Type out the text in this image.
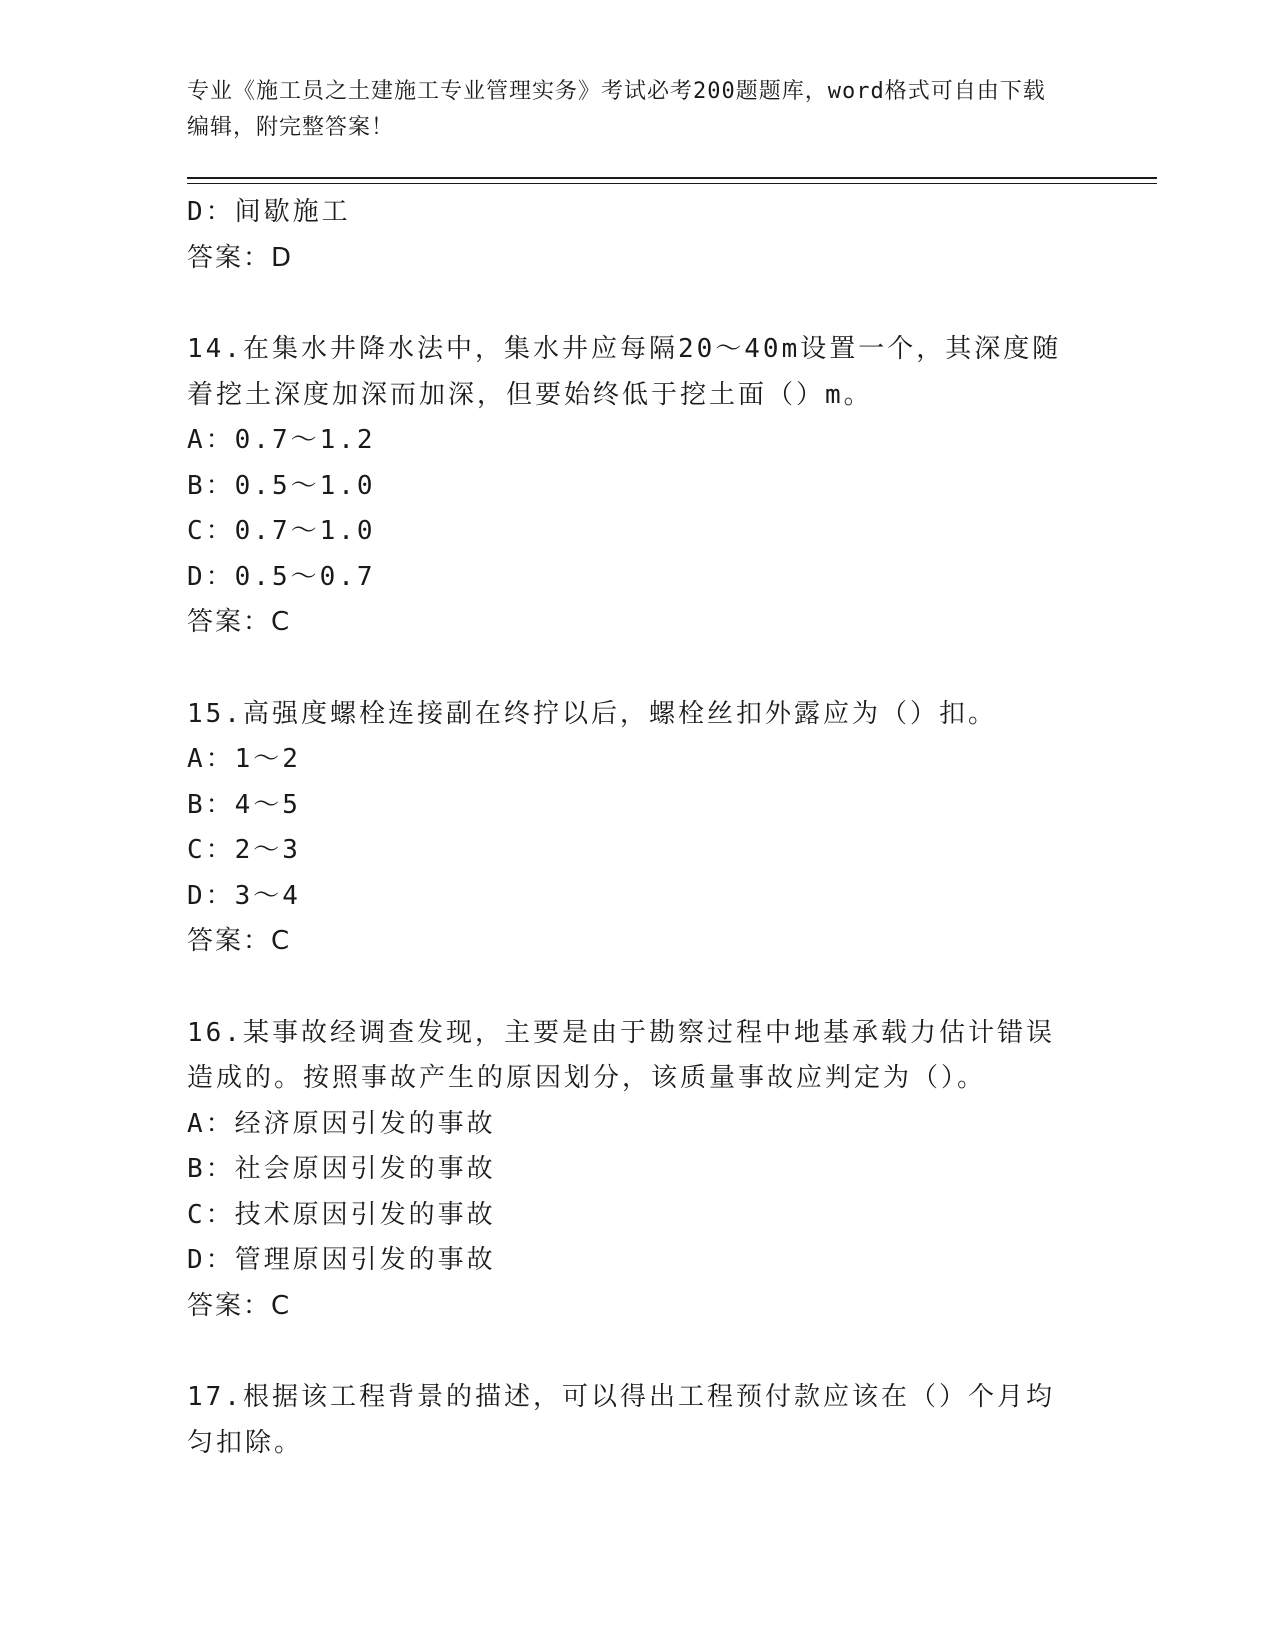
专业《施工员之土建施工专业管理实务》考试必考200题题库，word格式可自由下载编辑，附完整答案！
D：间歇施工
答案：D
14.在集水井降水法中，集水井应每隔20～40m设置一个，其深度随着挖土深度加深而加深，但要始终低于挖土面（）m。
A：0.7～1.2
B：0.5～1.0
C：0.7～1.0
D：0.5～0.7
答案：C
15.高强度螺栓连接副在终拧以后，螺栓丝扣外露应为（）扣。
A：1～2
B：4～5
C：2～3
D：3～4
答案：C
16.某事故经调查发现，主要是由于勘察过程中地基承载力估计错误造成的。按照事故产生的原因划分，该质量事故应判定为（）。
A：经济原因引发的事故
B：社会原因引发的事故
C：技术原因引发的事故
D：管理原因引发的事故
答案：C
17.根据该工程背景的描述，可以得出工程预付款应该在（）个月均匀扣除。
